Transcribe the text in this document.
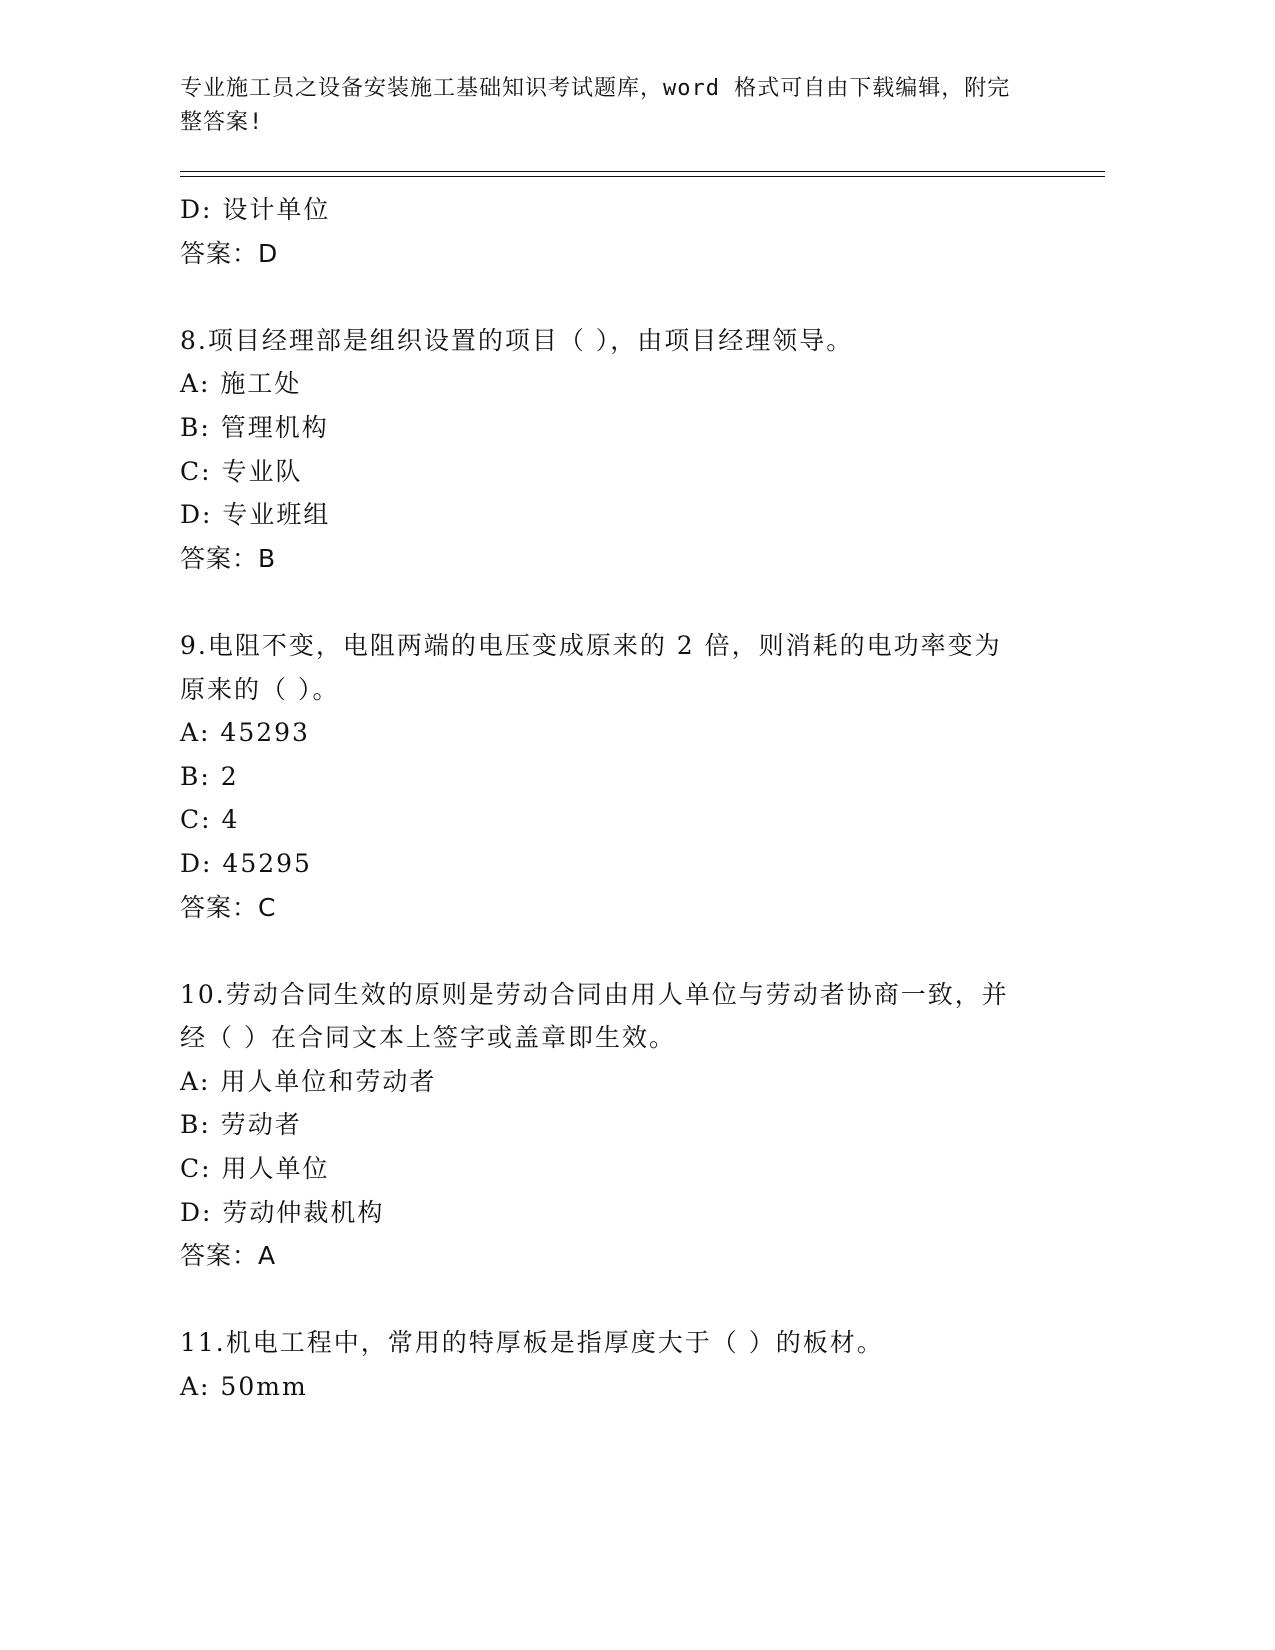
专业施工员之设备安装施工基础知识考试题库，word 格式可自由下载编辑，附完
整答案!
D: 设计单位
答案：D
8.项目经理部是组织设置的项目（ ），由项目经理领导。
A: 施工处
B: 管理机构
C: 专业队
D: 专业班组
答案：B
9.电阻不变，电阻两端的电压变成原来的 2 倍，则消耗的电功率变为
原来的（ ）。
A: 45293
B: 2
C: 4
D: 45295
答案：C
10.劳动合同生效的原则是劳动合同由用人单位与劳动者协商一致，并
经（ ）在合同文本上签字或盖章即生效。
A: 用人单位和劳动者
B: 劳动者
C: 用人单位
D: 劳动仲裁机构
答案：A
11.机电工程中，常用的特厚板是指厚度大于（ ）的板材。
A: 50mm
